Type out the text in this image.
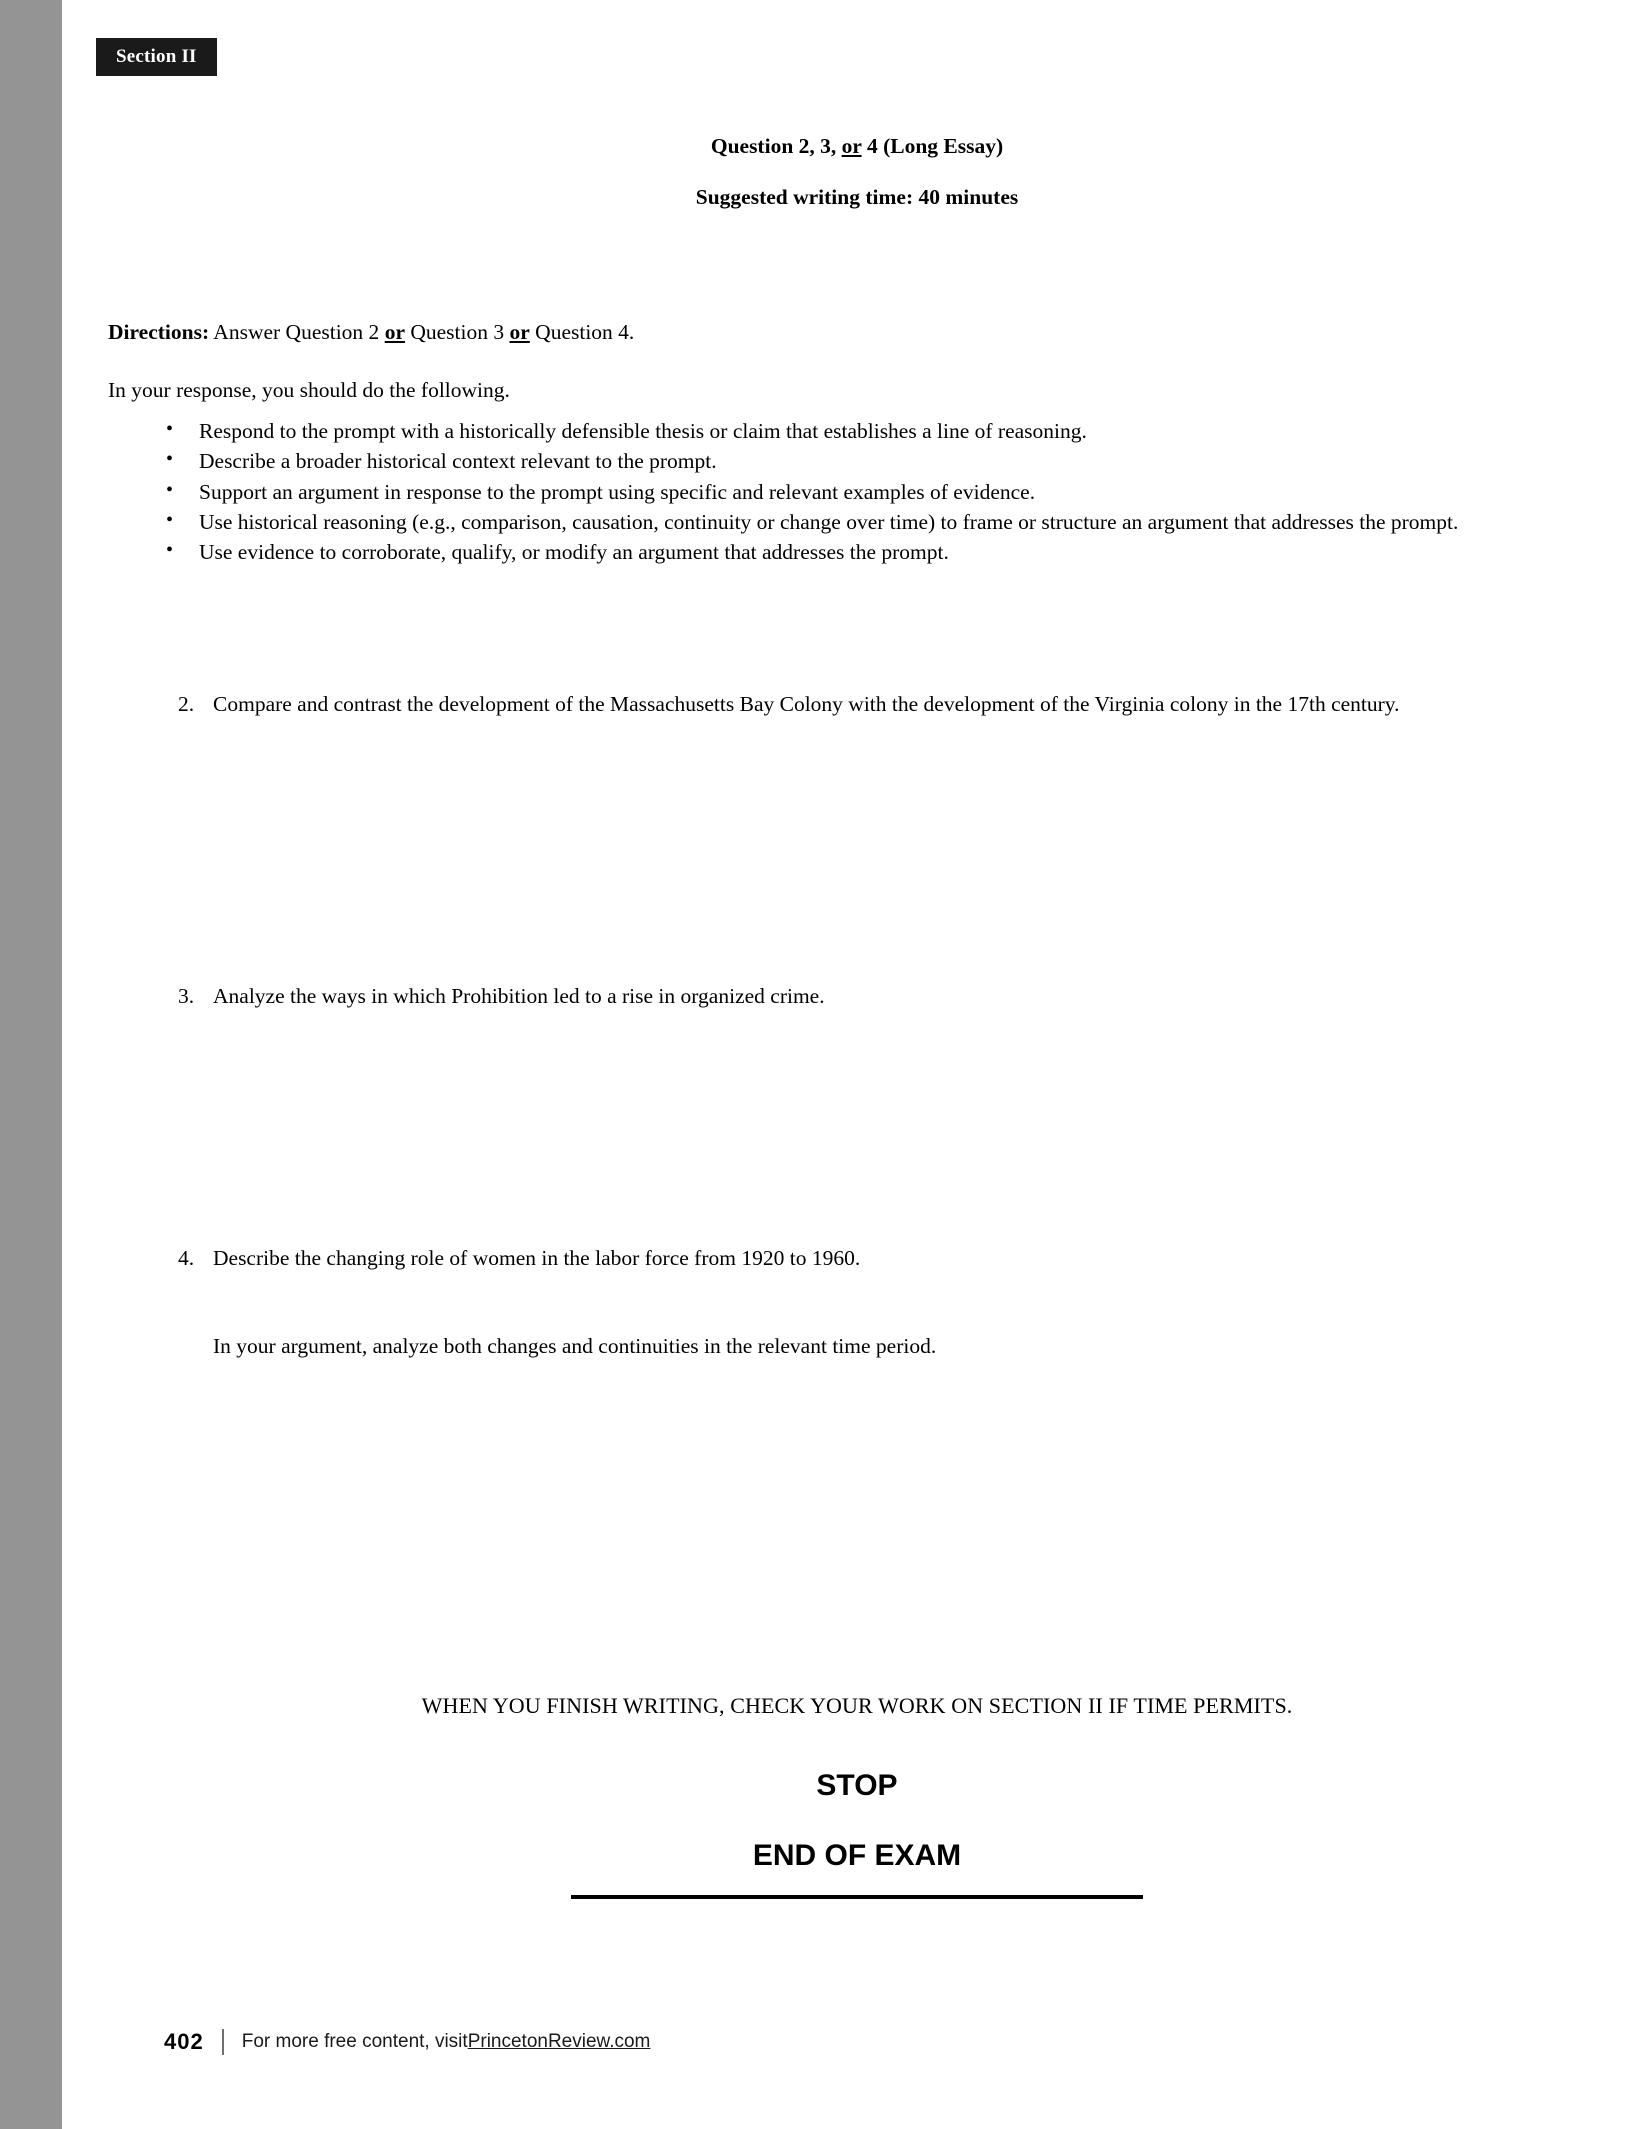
Section II
Question 2, 3, or 4 (Long Essay)
Suggested writing time: 40 minutes
Directions: Answer Question 2 or Question 3 or Question 4.
In your response, you should do the following.
• Respond to the prompt with a historically defensible thesis or claim that establishes a line of reasoning.
• Describe a broader historical context relevant to the prompt.
• Support an argument in response to the prompt using specific and relevant examples of evidence.
• Use historical reasoning (e.g., comparison, causation, continuity or change over time) to frame or structure an argument that addresses the prompt.
• Use evidence to corroborate, qualify, or modify an argument that addresses the prompt.
2. Compare and contrast the development of the Massachusetts Bay Colony with the development of the Virginia colony in the 17th century.
3. Analyze the ways in which Prohibition led to a rise in organized crime.
4. Describe the changing role of women in the labor force from 1920 to 1960.
In your argument, analyze both changes and continuities in the relevant time period.
WHEN YOU FINISH WRITING, CHECK YOUR WORK ON SECTION II IF TIME PERMITS.
STOP
END OF EXAM
402 For more free content, visit PrincetonReview.com
